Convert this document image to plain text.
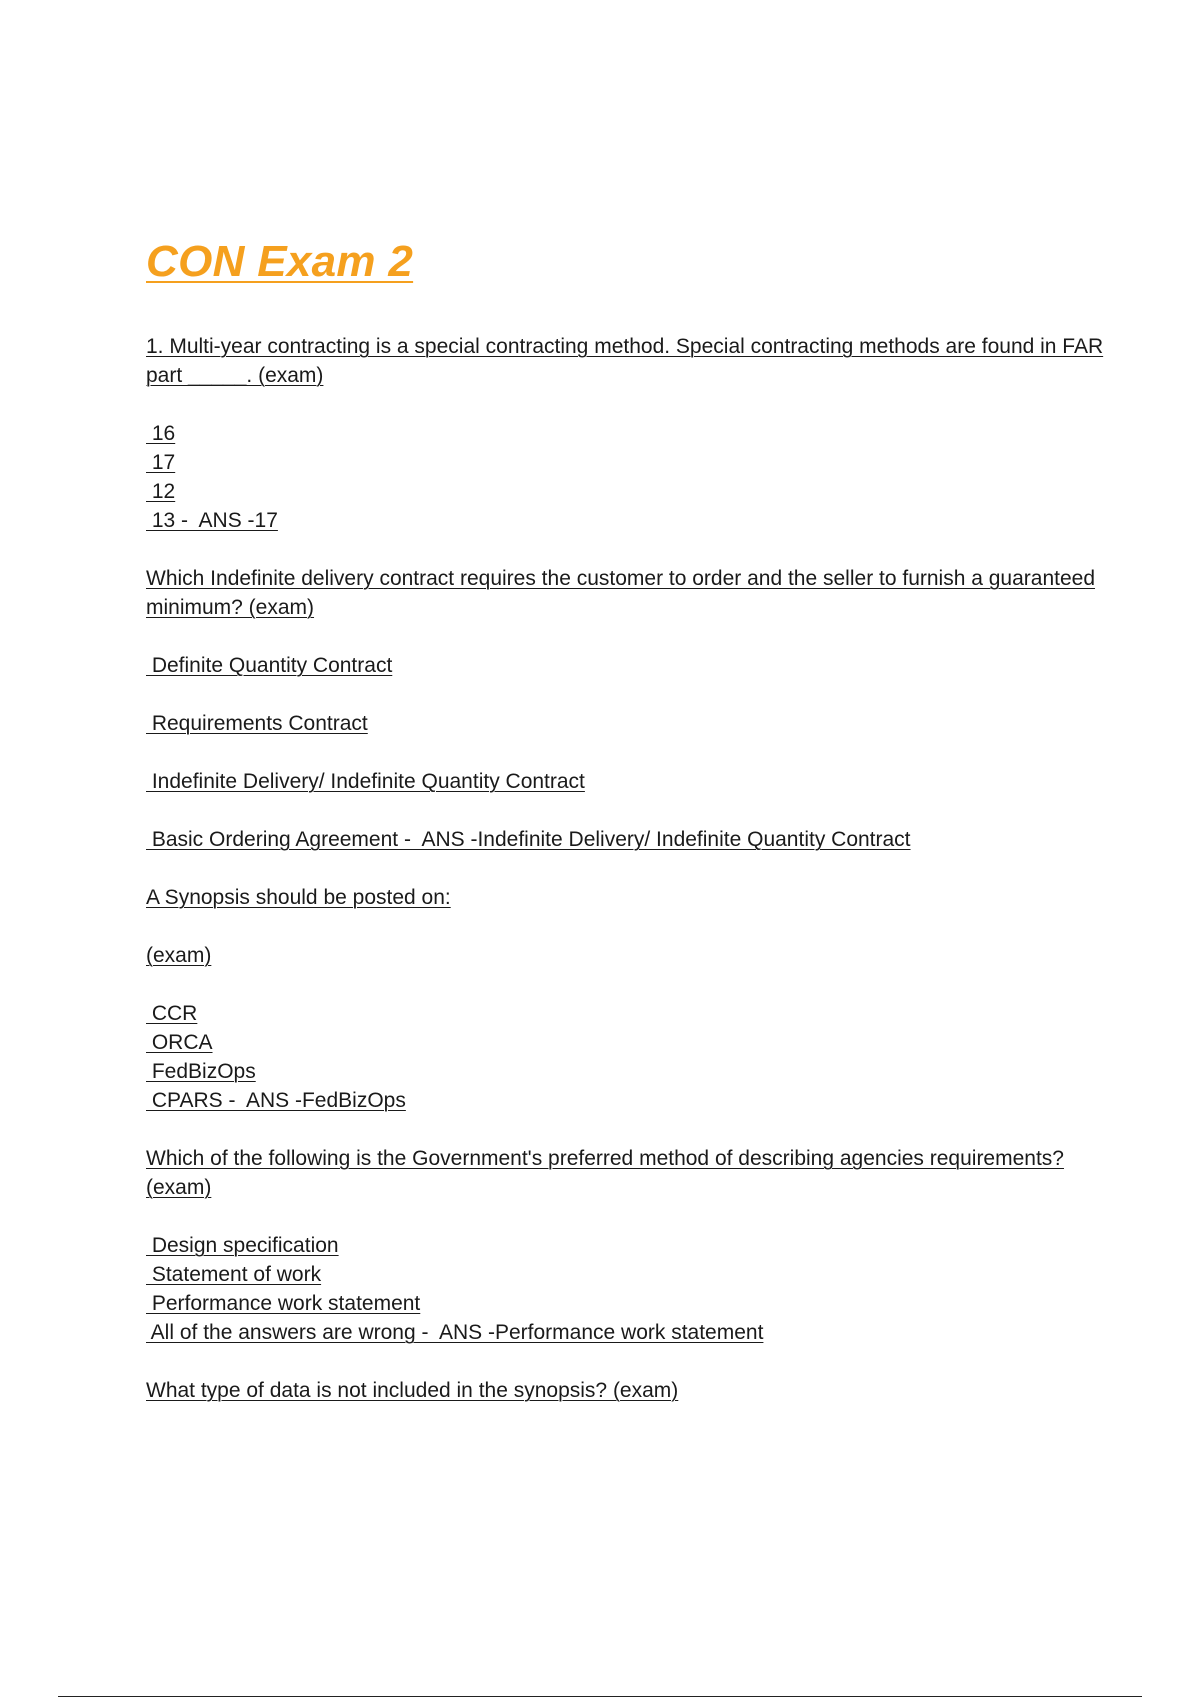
CON Exam 2

1. Multi-year contracting is a special contracting method. Special contracting methods are found in FAR part _____. (exam)

16
17
12
13 -  ANS -17

Which Indefinite delivery contract requires the customer to order and the seller to furnish a guaranteed minimum? (exam)

Definite Quantity Contract
Requirements Contract
Indefinite Delivery/ Indefinite Quantity Contract
Basic Ordering Agreement -  ANS -Indefinite Delivery/ Indefinite Quantity Contract

A Synopsis should be posted on:

(exam)

CCR
ORCA
FedBizOps
CPARS -  ANS -FedBizOps

Which of the following is the Government's preferred method of describing agencies requirements? (exam)

Design specification
Statement of work
Performance work statement
All of the answers are wrong -  ANS -Performance work statement

What type of data is not included in the synopsis? (exam)
